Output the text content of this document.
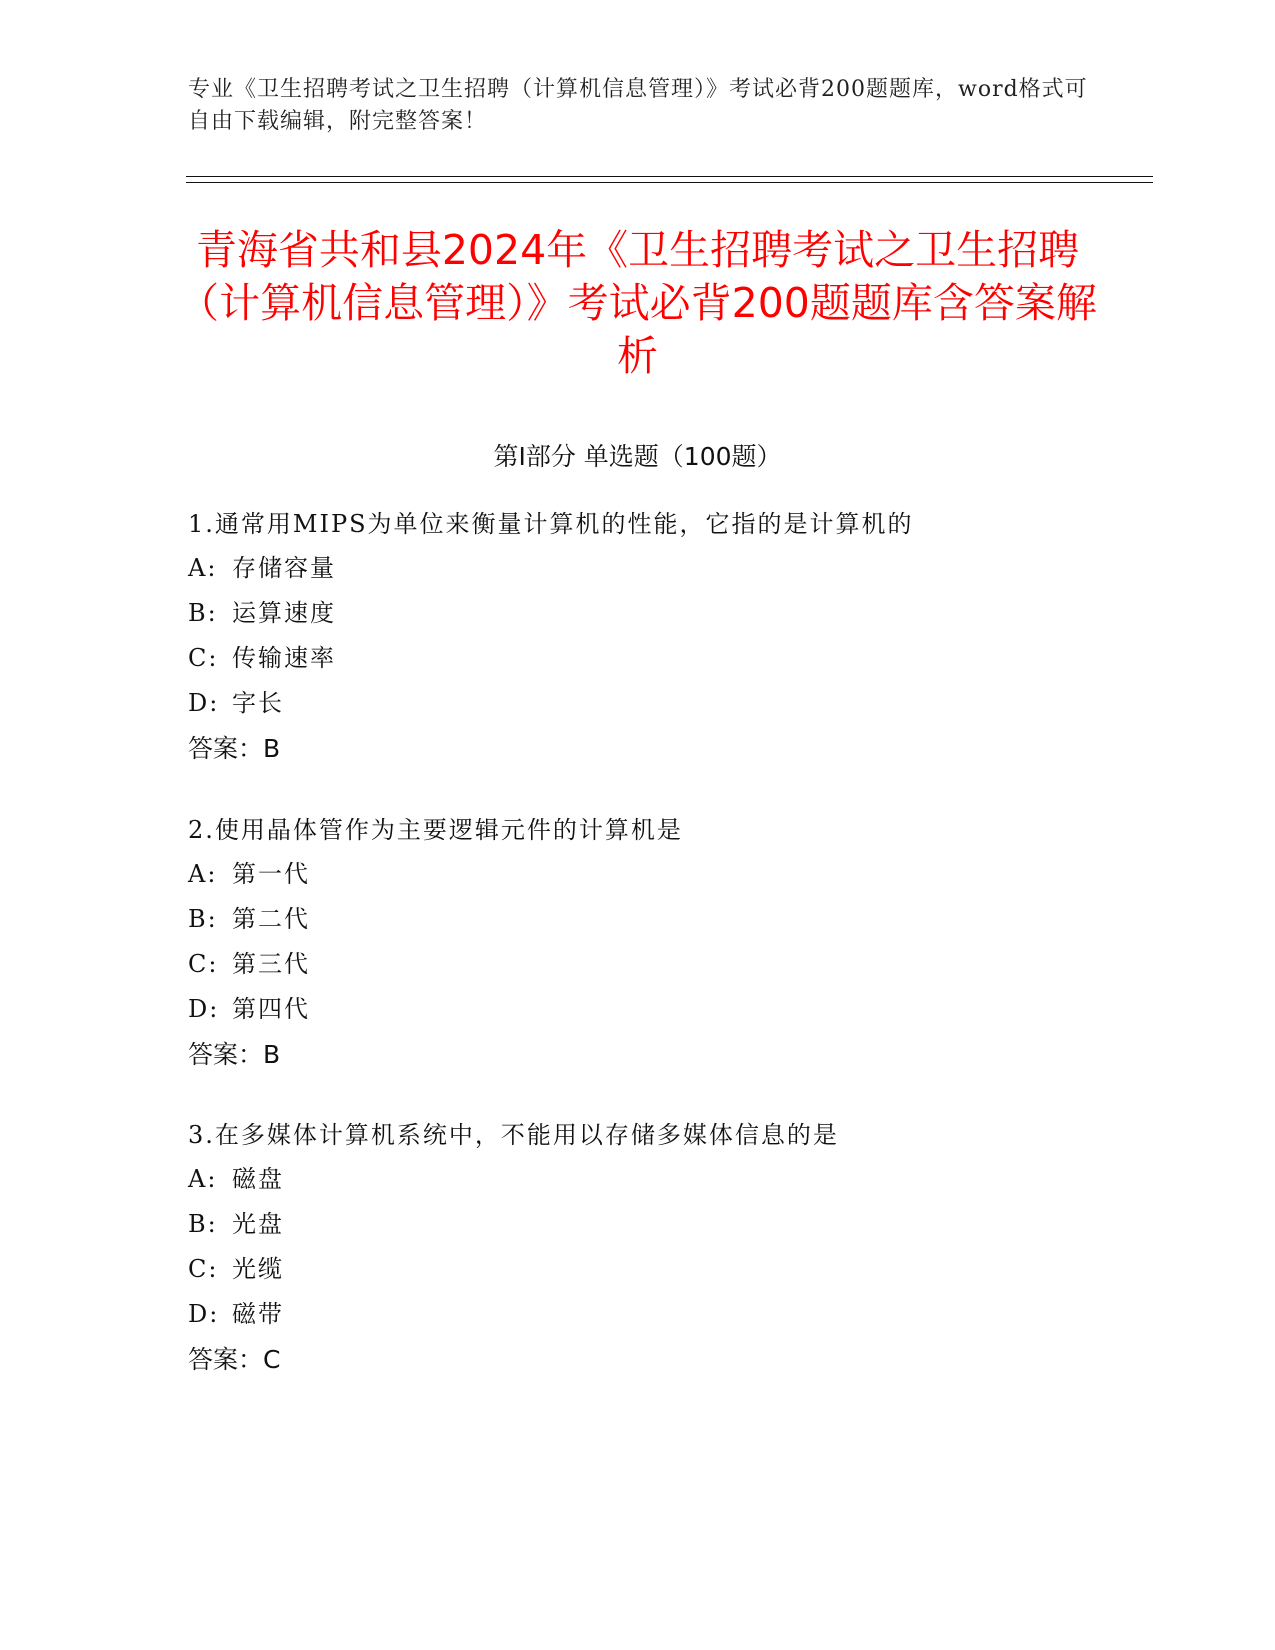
专业《卫生招聘考试之卫生招聘（计算机信息管理）》考试必背200题题库，word格式可自由下载编辑，附完整答案！
青海省共和县2024年《卫生招聘考试之卫生招聘（计算机信息管理）》考试必背200题题库含答案解析
第Ⅰ部分 单选题（100题）
1.通常用MIPS为单位来衡量计算机的性能，它指的是计算机的
A: 存储容量
B: 运算速度
C: 传输速率
D: 字长
答案：B
2.使用晶体管作为主要逻辑元件的计算机是
A: 第一代
B: 第二代
C: 第三代
D: 第四代
答案：B
3.在多媒体计算机系统中，不能用以存储多媒体信息的是
A: 磁盘
B: 光盘
C: 光缆
D: 磁带
答案：C
